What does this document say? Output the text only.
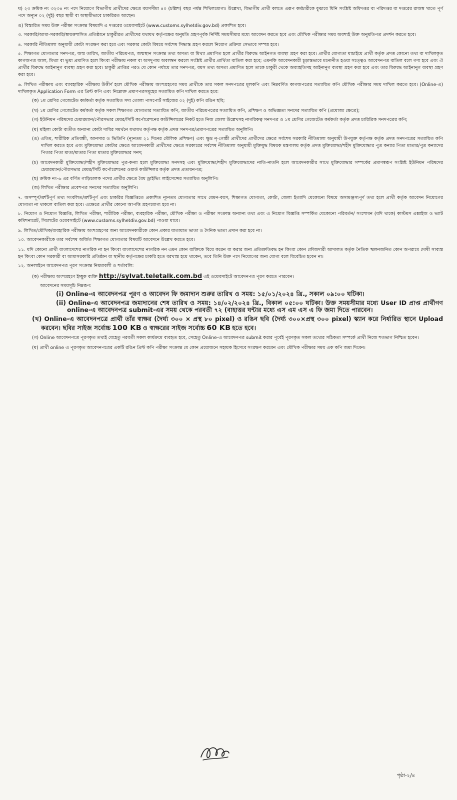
ঘ) ২৩ ক্রমিক নং ৩২৩৪ নং পদে নিয়োগে বিভাগীয় প্রার্থীদের ক্ষেত্রে বয়সসীমা ৪০ (চল্লিশ) বছর পর্যন্ত শিথিলযোগ্য। উল্লেখ্য, বিভাগীয় প্রার্থী বলতে এরূপ কর্মচারীকে বুঝাবে যিনি সংশ্লিষ্ট অধিদপ্তর বা পরিদপ্তর বা দপ্তরের রাজস্ব খাতে পূর্ণ পদে অন্যূন ০২ (দুই) বছর স্থায়ী বা অস্থায়ীভাবে চাকরিরত আছেন।

ঙ) বিস্তারিত সময় উক্ত পরীক্ষা সংক্রান্ত বিষয়াদি এ দপ্তরের ওয়েবসাইটে (www.customs.sylhetdiv.gov.bd) প্রকাশিত হবে।

৩. সরকারি/আধা-সরকারি/স্বায়ত্তশাসিত প্রতিষ্ঠানে চাকুরীরত প্রার্থীদের যথাযথ কর্তৃপক্ষের অনুমতি গ্রহণপূর্বক নির্দিষ্ট সময়সীমার মধ্যে আবেদন করতে হবে এবং মৌখিক পরীক্ষার সময় অবশ্যই উক্ত অনুমতিপত্র প্রদর্শন করতে হবে।

৪. সরকারি নীতিমালা অনুযায়ী কোটা সংরক্ষণ করা হবে এবং সরকার কোটা বিষয়ে সর্বশেষ সিদ্ধান্ত গ্রহণ করলে নিয়োগ প্রক্রিয়া সেভাবে সম্পন্ন হবে।

৫. শিক্ষাগত যোগ্যতার সনদপত্র, জন্ম তারিখ, জাতীয় পরিচয়পত্র, জন্মস্থান সংক্রান্ত তথ্য অসত্য বা মিথ্যা প্রমাণিত হলে প্রার্থীর বিরুদ্ধে আইনগত ব্যবস্থা গ্রহণ করা হবে। প্রার্থীর যোগ্যতা যাচাইয়ে প্রার্থী কর্তৃক প্রদত্ত কোনো তথ্য বা দাখিলকৃত কাগজপত্র জাল, মিথ্যা বা ভুয়া প্রমাণিত হলে কিংবা পরীক্ষায় নকল বা অসদুপায় অবলম্বন করলে সংশ্লিষ্ট প্রার্থীর প্রার্থিতা বাতিল করা হবে; এমনকি আবেদনকারী চূড়ান্তভাবে মনোনীত হওয়া সত্ত্বেও আবেদনপত্র বাতিল বলে গণ্য হবে এবং ঐ প্রার্থীর বিরুদ্ধে আইনানুগ ব্যবস্থা গ্রহণ করা হবে। চাকুরী প্রাপ্তির পরও যে কোন পর্যায়ে তার সনদপত্র, বয়স তথ্য অসত্য প্রমাণিত হলে তাকে চাকুরী থেকে অব্যাহতিসহ আইনানুগ ব্যবস্থা গ্রহণ করা হবে এবং তার বিরুদ্ধে আইনানুগ ব্যবস্থা গ্রহণ করা হবে।

৬. লিখিত পরীক্ষায় এবং ব্যাবহারিক পরীক্ষায় উত্তীর্ণ হলে মৌখিক পরীক্ষায় অংশগ্রহণের সময় প্রার্থীকে তার সকল সনদপত্রের মূলকপি এবং নিম্নবর্ণিত কাগজপত্রের সত্যায়িত কপি মৌখিক পরীক্ষার সময় দাখিল করতে হবে। (Online-এ) দাখিলকৃত Application Form এর প্রিন্ট কপি এবং নিম্নোক্ত প্রমাণপত্রসমূহের সত্যায়িত কপি দাখিল করতে হবে:

(ক) ১ম শ্রেণির গেজেটেড কর্মকর্তা কর্তৃক সত্যায়িত সদ্য তোলা পাসপোর্ট সাইজের ০২ (দুই) কপি রঙিন ছবি;

(খ) ১ম শ্রেণির গেজেটেড কর্মকর্তা কর্তৃক সকল শিক্ষাগত যোগ্যতার সত্যায়িত কপি, জাতীয় পরিচয়পত্রের সত্যায়িত কপি, প্রশিক্ষণ ও অভিজ্ঞতা সনদের সত্যায়িত কপি (প্রযোজ্য ক্ষেত্রে);

(গ) ইউনিয়ন পরিষদের চেয়ারম্যান/পৌরসভার মেয়র/সিটি কর্পোরেশনের কাউন্সিলরের নিকট হতে নিজ জেলা উল্লেখসহ নাগরিকত্ব সনদপত্র ও ১ম শ্রেণির গেজেটেড কর্মকর্তা কর্তৃক প্রদত্ত চারিত্রিক সনদপত্রের কপি;

(ঘ) মহিলা কোটা ব্যতীত অন্যান্য কোটা দাবির সমর্থনে যথাযথ কর্তৃপক্ষ কর্তৃক প্রদত্ত সনদপত্র/প্রমাণপত্রের সত্যায়িত অনুলিপি।

(ঙ) এতিম, শারীরিক প্রতিবন্ধী, আনসার ও ভিডিপি (ন্যূনতম ২১ দিনের মৌলিক প্রশিক্ষণ) এবং ক্ষুদ্র নৃ-গোষ্ঠী প্রার্থীদের প্রার্থীদের ক্ষেত্রে সর্বশেষ সরকারি নীতিমালা অনুযায়ী উপযুক্ত কর্তৃপক্ষ কর্তৃক প্রদত্ত সনদপত্রের সত্যায়িত কপি দাখিল করতে হবে এবং মুক্তিযোদ্ধা কোটার ক্ষেত্রে আবেদনকারী প্রার্থীদের ক্ষেত্রে সরকারের সর্বশেষ নীতিমালা অনুযায়ী মুক্তিযুদ্ধ বিষয়ক মন্ত্রণালয় কর্তৃক প্রদত্ত মুক্তিযোদ্ধা/শহীদ মুক্তিযোদ্ধার পুত্র কন্যার পিতা মাতার/পুত্র কন্যাদের পিতার পিতা মাতা/মাতার পিতা মাতার মুক্তিযোদ্ধার সনদ;

(চ) আবেদনকারী মুক্তিযোদ্ধা/শহীদ মুক্তিযোদ্ধার পুত্র-কন্যা হলে মুক্তিযোদ্ধা সনদসহ এবং মুক্তিযোদ্ধা/শহীদ মুক্তিযোদ্ধাদের নাতি-নাতনি হলে আবেদনকারীর সাথে মুক্তিযোদ্ধার সম্পর্কের প্রমাণস্বরূপ সংশ্লিষ্ট ইউনিয়ন পরিষদের চেয়ারম্যান/পৌরসভার মেয়র/সিটি কর্পোরেশনের ওয়ার্ড কাউন্সিলর কর্তৃক প্রদত্ত প্রত্যয়নপত্র;

(ছ) ক্রমিক নং-৬ এর বর্ণিত গাড়িচালক পদের প্রার্থীর ক্ষেত্রে বৈধ ড্রাইভিং লাইসেন্সের সত্যায়িত অনুলিপি।

(জ) লিখিত পরীক্ষার প্রবেশপত্র সনদের সত্যায়িত অনুলিপি।

৭. অসম্পূর্ণ/ত্রুটিপূর্ণ তথ্য সংবলিত/ত্রুটিপূর্ণ এবং চাকরির বিজ্ঞপ্তিতে প্রকাশিত ন্যূনতম যোগ্যতার সাথে যেমন-বয়স, শিক্ষাগত যোগ্যতা, কোটা, জেলা ইত্যাদি যেকোনো বিষয়ে অসামঞ্জস্যপূর্ণ তথ্য হলে প্রার্থী কর্তৃক আবেদন নিয়োগের যোগ্যতা না থাকলে বাতিল করা হবে। এক্ষেত্রে প্রার্থীর কোনো আপত্তি গ্রহণযোগ্য হবে না।

৮. নিয়োগ ও নিয়োগ বিজ্ঞপ্তি, লিখিত পরীক্ষা, শারীরিক পরীক্ষা, ব্যবহারিক পরীক্ষা, মৌখিক পরীক্ষা ও পরীক্ষা সংক্রান্ত অন্যান্য তথ্য এবং এ নিয়োগ বিজ্ঞপ্তি সম্পর্কিত যেকোনো পরিবর্তন/ সংশোধন (যদি থাকে) কাস্টমস এক্সাইজ ও ভ্যাট কমিশনারেট, সিলেটের ওয়েবসাইটে (www.customs.sylhetdiv.gov.bd) পাওয়া যাবে।

৯. লিখিত/মৌখিক/ব্যবহারিক পরীক্ষায় অংশগ্রহণের জন্য আবেদনকারীকে কোন প্রকার যাতায়াত ভাতা ও দৈনিক ভাতা প্রদান করা হবে না।

১০. আবেদনকারীকে তার সর্বশেষ অর্জিত শিক্ষাগত যোগ্যতার বিষয়টি আবেদনে উল্লেখ করতে হবে।

১১. যদি কোনো প্রার্থী বাংলাদেশের নাগরিক না হন কিংবা বাংলাদেশের নাগরিক নন এমন কোন ব্যক্তিকে বিয়ে করেন বা করার জন্য প্রতিশ্রুতিবদ্ধ হন কিংবা কোন ফৌজদারী আদালত কর্তৃক নৈতিক স্খলনজনিত কোন অপরাধে দোষী সাব্যস্ত হন কিংবা কোন সরকারী বা আধাসরকারি প্রতিষ্ঠান বা স্থানীয় কর্তৃপক্ষের চাকরি হতে বরখাস্ত হয়ে থাকেন, তবে তিনি উক্ত পদে নিয়োগের জন্য যোগ্য বলে বিবেচিত হবেন না।

১২. অনলাইনে আবেদনপত্র পূরণ সংক্রান্ত নিয়মাবলী ও শর্তাবলি:

(ক) পরীক্ষায় অংশগ্রহণে ইচ্ছুক ব্যক্তি http://sylvat.teletalk.com.bd এই ওয়েবসাইটে আবেদনপত্র পূরণ করতে পারবেন।

আবেদনের সময়সূচি নিম্নরূপ:

(i) Online-এ আবেদনপত্র পূরণ ও আবেদন ফি জমাদান শুরুর তারিখ ও সময়: ১৫/০১/২০২৪ খ্রি., সকাল ০৯:০০ ঘটিকা।

(ii) Online-এ আবেদনপত্র জমাদানের শেষ তারিখ ও সময়: ১৪/০২/২০২৪ খ্রি., বিকাল ০৫:০০ ঘটিকা। উক্ত সময়সীমার মধ্যে User ID প্রাপ্ত প্রার্থীগণ online-এ আবেদনপত্র submit-এর সময় থেকে পরবর্তী ৭২ (বাহাত্তর ঘন্টার মধ্যে এস এম এস এ ফি জমা দিতে পারবেন।

(খ) Online-এ আবেদনপত্রে প্রার্থী তাঁর স্বাক্ষর (দৈর্ঘ্য ৩০০ × প্রস্থ ৮০ pixel) ও রঙিন ছবি (দৈর্ঘ্য ৩০০×প্রস্থ ৩০০ pixel) স্ক্যান করে নির্ধারিত স্থানে Upload করবেন। ছবির সাইজ সর্বোচ্চ 100 KB ও স্বাক্ষরের সাইজ সর্বোচ্চ 60 KB হতে হবে।

(গ) Online আবেদনপত্রে পূরণকৃত তথ্যই যেহেতু পরবর্তী সকল কার্যক্রমে ব্যবহৃত হবে, সেহেতু Online-এ আবেদনপত্র submit করার পূর্বেই পূরণকৃত সকল তথ্যের সঠিকতা সম্পর্কে প্রার্থী নিজে শতভাগ নিশ্চিত হবেন।

(ঘ) প্রার্থী online এ পূরণকৃত আবেদনপত্রের একটি রঙিন প্রিন্ট কপি পরীক্ষা সংক্রান্ত যে কোন প্রয়োজনে সহায়ক হিসেবে সংরক্ষণ করবেন এবং মৌখিক পরীক্ষার সময় এক কপি জমা দিবেন।

পৃষ্ঠা-২/৪
